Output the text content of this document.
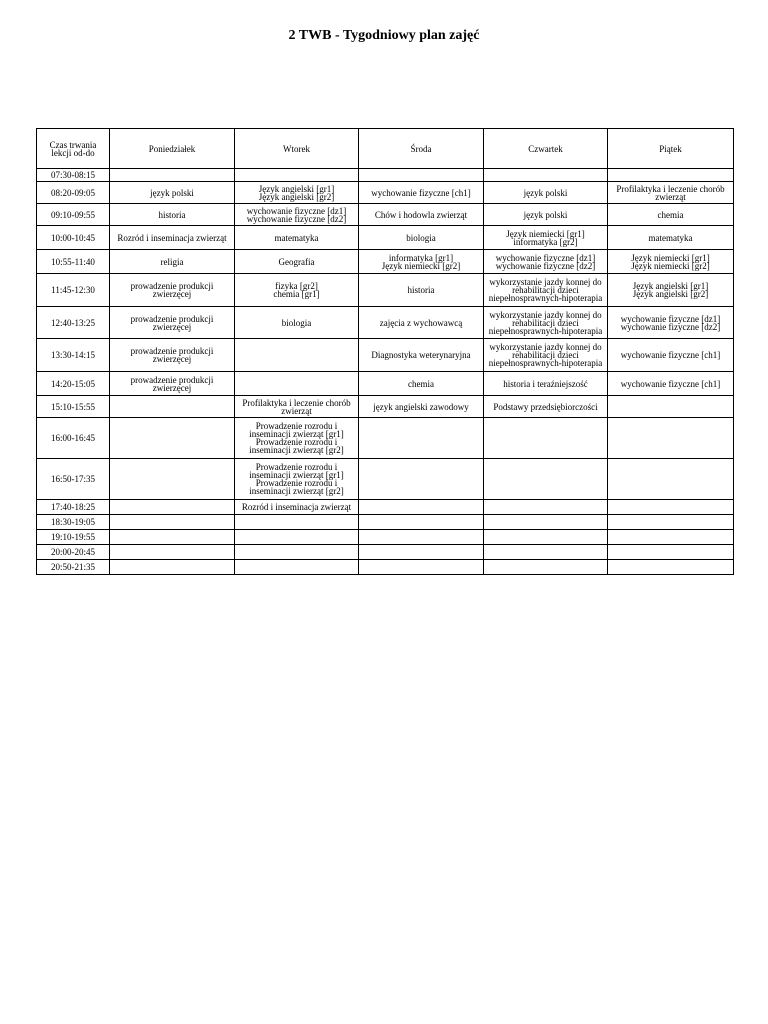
2 TWB - Tygodniowy plan zajęć
Czas trwania
lekcji od-do	Poniedziałek	Wtorek	Środa	Czwartek	Piątek
07:30-08:15					
08:20-09:05	język polski	Język angielski [gr1]
Język angielski [gr2]	wychowanie fizyczne [ch1]	język polski	Profilaktyka i leczenie chorób
zwierząt
09:10-09:55	historia	wychowanie fizyczne [dz1]
wychowanie fizyczne [dz2]	Chów i hodowla zwierząt	język polski	chemia
10:00-10:45	Rozród i inseminacja zwierząt	matematyka	biologia	Język niemiecki [gr1]
informatyka [gr2]	matematyka
10:55-11:40	religia	Geografia	informatyka [gr1]
Język niemiecki [gr2]	wychowanie fizyczne [dz1]
wychowanie fizyczne [dz2]	Język niemiecki [gr1]
Język niemiecki [gr2]
11:45-12:30	prowadzenie produkcji
zwierzęcej	fizyka [gr2]
chemia [gr1]	historia	wykorzystanie jazdy konnej do
rehabilitacji dzieci
niepełnosprawnych-hipoterapia	Język angielski [gr1]
Język angielski [gr2]
12:40-13:25	prowadzenie produkcji
zwierzęcej	biologia	zajęcia z wychowawcą	wykorzystanie jazdy konnej do
rehabilitacji dzieci
niepełnosprawnych-hipoterapia	wychowanie fizyczne [dz1]
wychowanie fizyczne [dz2]
13:30-14:15	prowadzenie produkcji
zwierzęcej		Diagnostyka weterynaryjna	wykorzystanie jazdy konnej do
rehabilitacji dzieci
niepełnosprawnych-hipoterapia	wychowanie fizyczne [ch1]
14:20-15:05	prowadzenie produkcji
zwierzęcej		chemia	historia i teraźniejszość	wychowanie fizyczne [ch1]
15:10-15:55		Profilaktyka i leczenie chorób
zwierząt	język angielski zawodowy	Podstawy przedsiębiorczości	
16:00-16:45		Prowadzenie rozrodu i
inseminacji zwierząt [gr1]
Prowadzenie rozrodu i
inseminacji zwierząt [gr2]			
16:50-17:35		Prowadzenie rozrodu i
inseminacji zwierząt [gr1]
Prowadzenie rozrodu i
inseminacji zwierząt [gr2]			
17:40-18:25		Rozród i inseminacja zwierząt			
18:30-19:05					
19:10-19:55					
20:00-20:45					
20:50-21:35					
